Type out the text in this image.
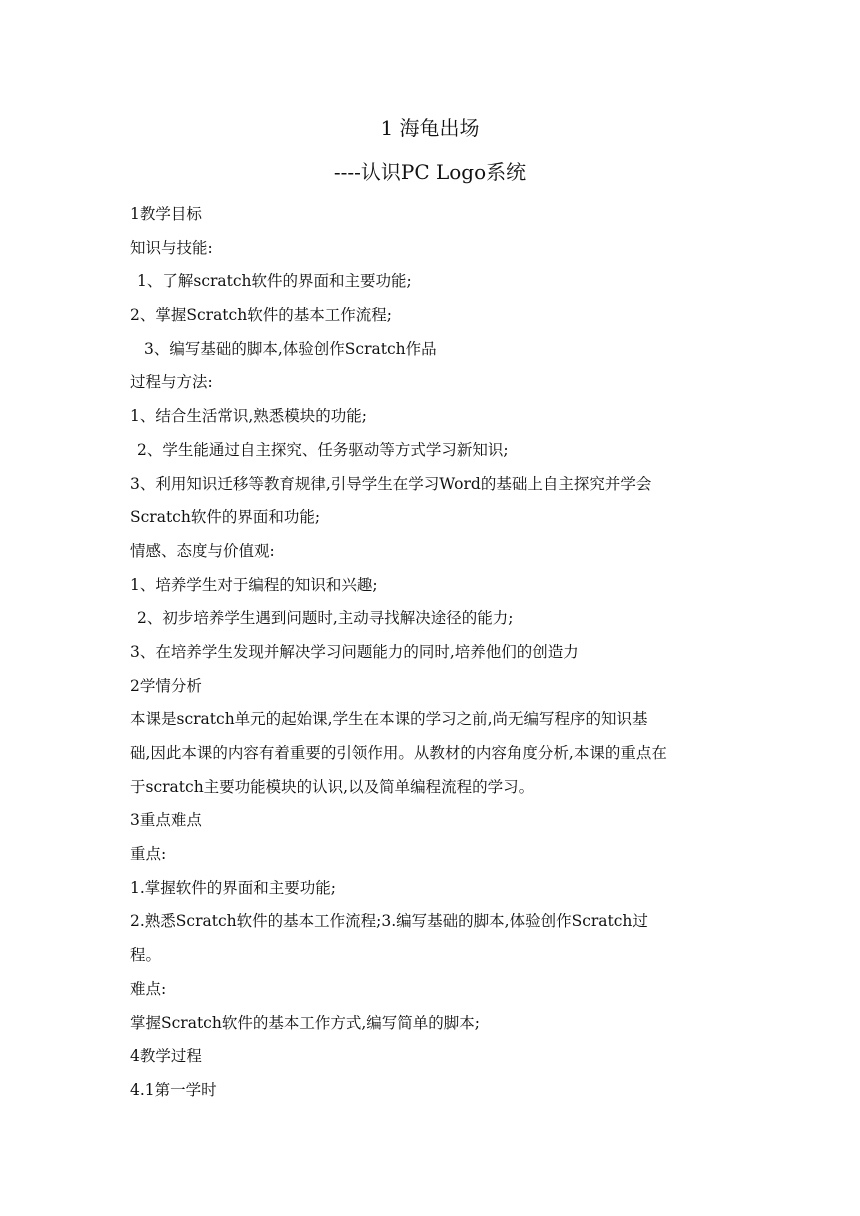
1 海龟出场
----认识PC Logo系统
1教学目标
知识与技能:
1、了解scratch软件的界面和主要功能;
2、掌握Scratch软件的基本工作流程;
3、编写基础的脚本,体验创作Scratch作品
过程与方法:
1、结合生活常识,熟悉模块的功能;
2、学生能通过自主探究、任务驱动等方式学习新知识;
3、利用知识迁移等教育规律,引导学生在学习Word的基础上自主探究并学会
Scratch软件的界面和功能;
情感、态度与价值观:
1、培养学生对于编程的知识和兴趣;
2、初步培养学生遇到问题时,主动寻找解决途径的能力;
3、在培养学生发现并解决学习问题能力的同时,培养他们的创造力
2学情分析
本课是scratch单元的起始课,学生在本课的学习之前,尚无编写程序的知识基
础,因此本课的内容有着重要的引领作用。从教材的内容角度分析,本课的重点在
于scratch主要功能模块的认识,以及简单编程流程的学习。
3重点难点
重点:
1.掌握软件的界面和主要功能;
2.熟悉Scratch软件的基本工作流程;3.编写基础的脚本,体验创作Scratch过
程。
难点:
掌握Scratch软件的基本工作方式,编写简单的脚本;
4教学过程
4.1第一学时
